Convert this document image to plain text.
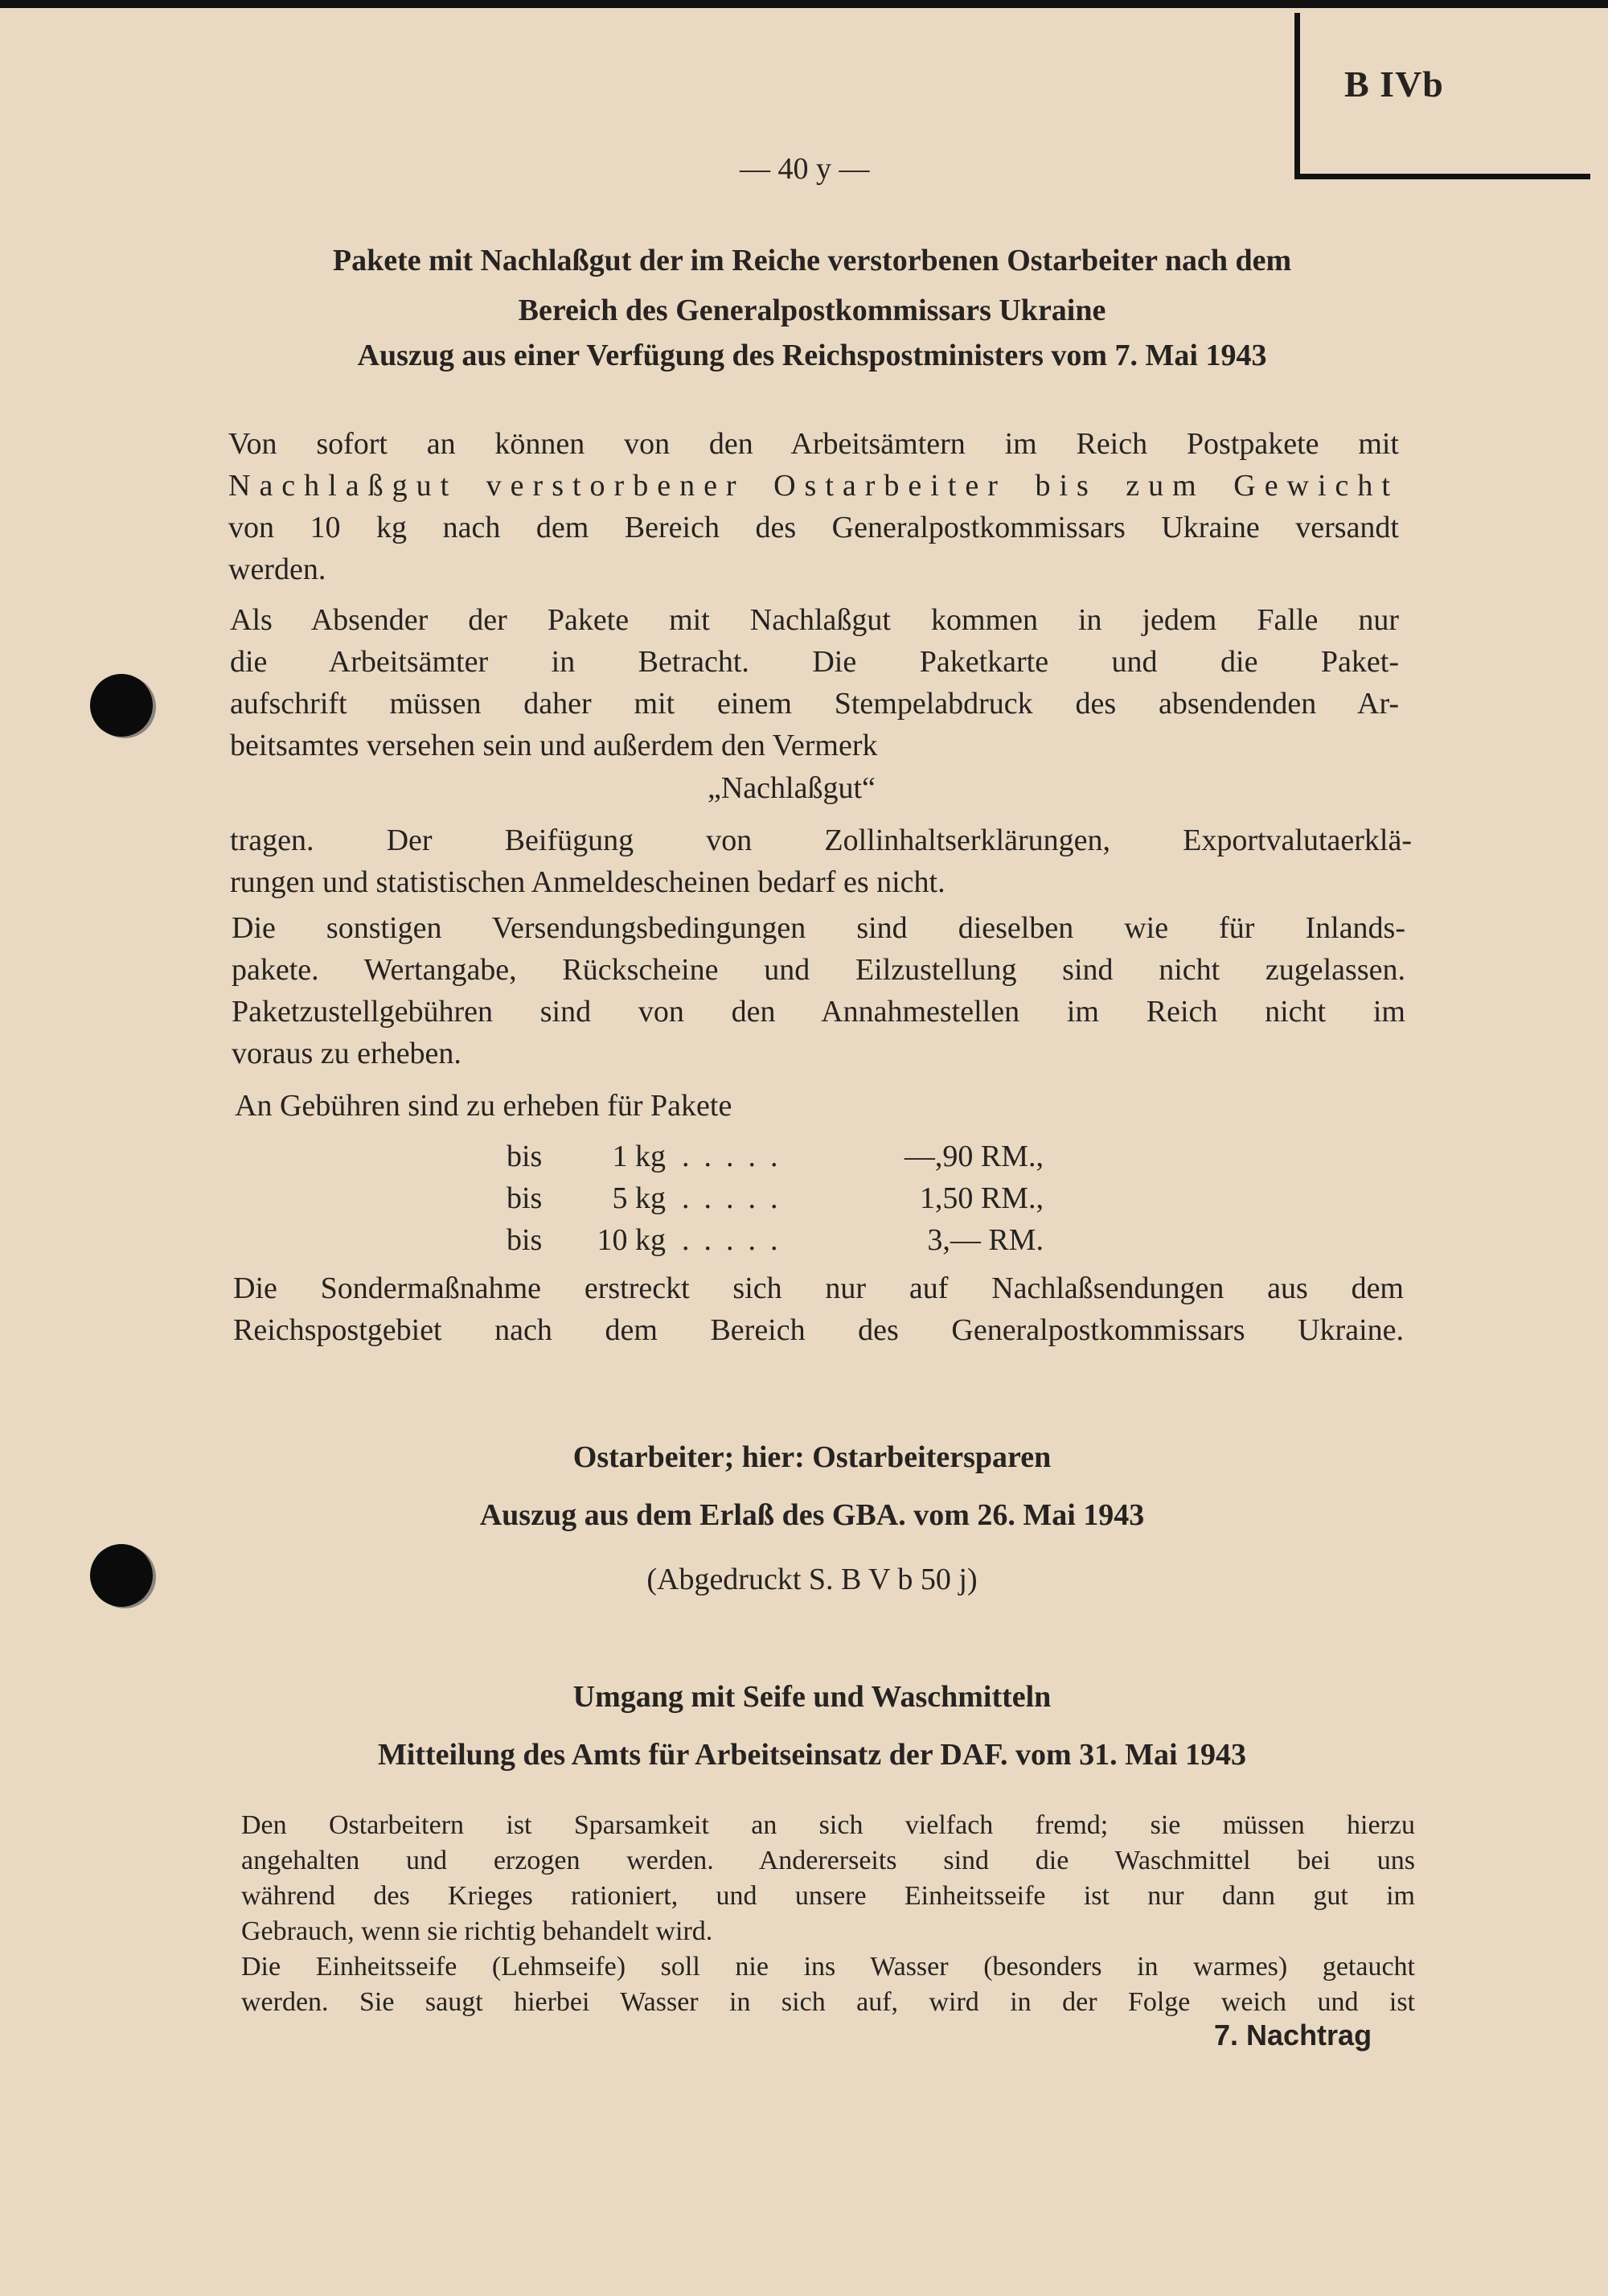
B IVb
— 40 y —
Pakete mit Nachlaßgut der im Reiche verstorbenen Ostarbeiter nach dem
Bereich des Generalpostkommissars Ukraine
Auszug aus einer Verfügung des Reichspostministers vom 7. Mai 1943
Von sofort an können von den Arbeitsämtern im Reich Postpakete mit
Nachlaßgut verstorbener Ostarbeiter bis zum Gewicht
von 10 kg nach dem Bereich des Generalpostkommissars Ukraine versandt
werden.
Als Absender der Pakete mit Nachlaßgut kommen in jedem Falle nur
die Arbeitsämter in Betracht. Die Paketkarte und die Paket-
aufschrift müssen daher mit einem Stempelabdruck des absendenden Ar-
beitsamtes versehen sein und außerdem den Vermerk
„Nachlaßgut“
tragen. Der Beifügung von Zollinhaltserklärungen, Exportvalutaerklä-
rungen und statistischen Anmeldescheinen bedarf es nicht.
Die sonstigen Versendungsbedingungen sind dieselben wie für Inlands-
pakete. Wertangabe, Rückscheine und Eilzustellung sind nicht zugelassen.
Paketzustellgebühren sind von den Annahmestellen im Reich nicht im
voraus zu erheben.
An Gebühren sind zu erheben für Pakete
bis	1 kg .....	—,90 RM.,
bis	5 kg .....	1,50 RM.,
bis	10 kg .....	3,— RM.
Die Sondermaßnahme erstreckt sich nur auf Nachlaßsendungen aus dem
Reichspostgebiet nach dem Bereich des Generalpostkommissars Ukraine.
Ostarbeiter; hier: Ostarbeitersparen
Auszug aus dem Erlaß des GBA. vom 26. Mai 1943
(Abgedruckt S. B V b 50 j)
Umgang mit Seife und Waschmitteln
Mitteilung des Amts für Arbeitseinsatz der DAF. vom 31. Mai 1943
Den Ostarbeitern ist Sparsamkeit an sich vielfach fremd; sie müssen hierzu
angehalten und erzogen werden. Andererseits sind die Waschmittel bei uns
während des Krieges rationiert, und unsere Einheitsseife ist nur dann gut im
Gebrauch, wenn sie richtig behandelt wird.
Die Einheitsseife (Lehmseife) soll nie ins Wasser (besonders in warmes) getaucht
werden. Sie saugt hierbei Wasser in sich auf, wird in der Folge weich und ist
7. Nachtrag
